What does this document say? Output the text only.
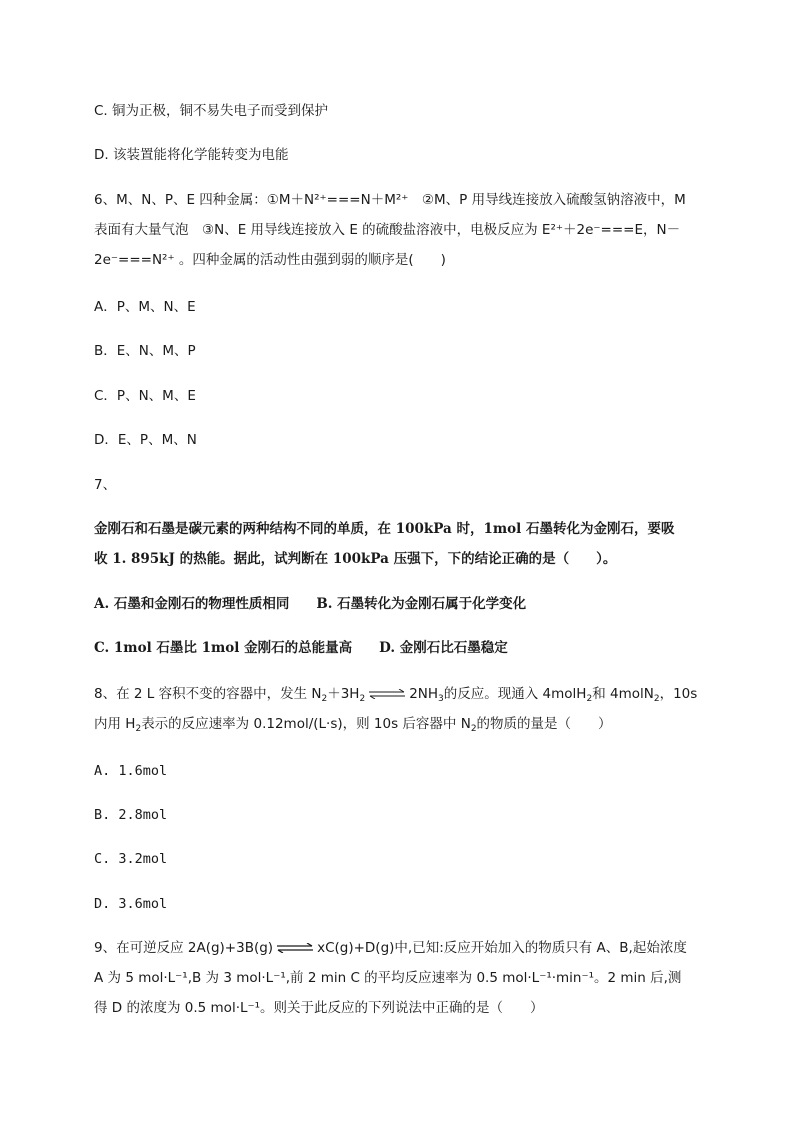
C. 铜为正极，铜不易失电子而受到保护
D. 该装置能将化学能转变为电能
6、M、N、P、E 四种金属：①M＋N²⁺===N＋M²⁺　②M、P 用导线连接放入硫酸氢钠溶液中，M
表面有大量气泡　③N、E 用导线连接放入 E 的硫酸盐溶液中，电极反应为 E²⁺＋2e⁻===E，N－
2e⁻===N²⁺ 。四种金属的活动性由强到弱的顺序是(　　)
A．P、M、N、E
B．E、N、M、P
C．P、N、M、E
D．E、P、M、N
7、
金刚石和石墨是碳元素的两种结构不同的单质，在 100kPa 时，1mol 石墨转化为金刚石，要吸
收 1. 895kJ 的热能。据此，试判断在 100kPa 压强下，下的结论正确的是（　　）。
A. 石墨和金刚石的物理性质相同　　B. 石墨转化为金刚石属于化学变化
C. 1mol 石墨比 1mol 金刚石的总能量高　　D. 金刚石比石墨稳定
8、在 2 L 容积不变的容器中，发生 $N_2+3H_2$ ⇌ $2NH_3$的反应。现通入 4molH$_2$和 4molN$_2$，10s
内用 $H_2$表示的反应速率为 0.12mol/(L·s)，则 10s 后容器中 $N_2$的物质的量是（　　）
A. 1.6mol
B. 2.8mol
C. 3.2mol
D. 3.6mol
9、在可逆反应 2A(g)+3B(g) ⇌ xC(g)+D(g)中,已知:反应开始加入的物质只有 A、B,起始浓度
A 为 5 mol·L⁻¹,B 为 3 mol·L⁻¹,前 2 min C 的平均反应速率为 0.5 mol·L⁻¹·min⁻¹。2 min 后,测
得 D 的浓度为 0.5 mol·L⁻¹。则关于此反应的下列说法中正确的是（　　）
